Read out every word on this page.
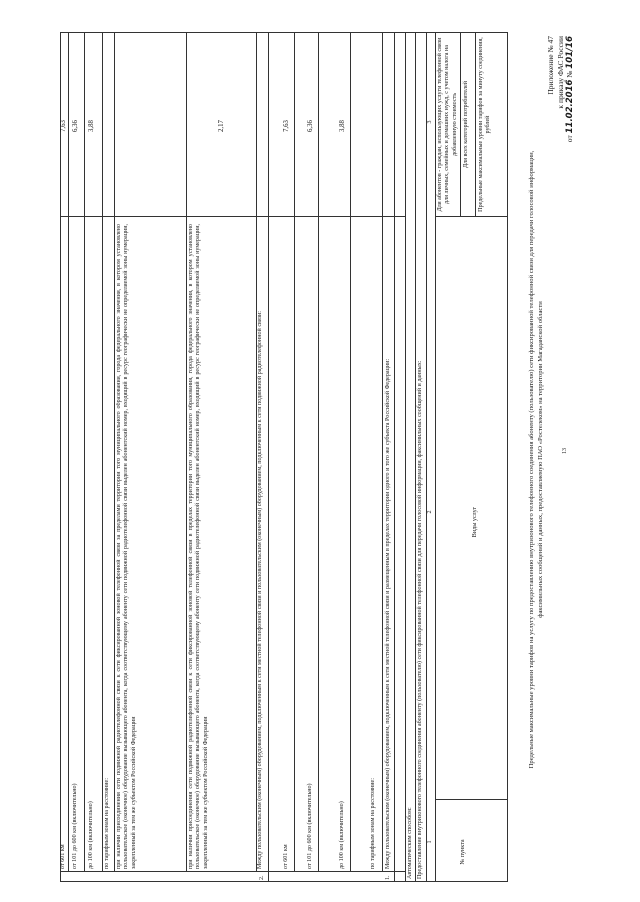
13
Приложение № 47 к приказу ФАС России
от 11.02.2016 № 101/16
Предельные максимальные уровни тарифов на услугу по предоставлению внутризонового телефонного соединения абоненту (пользователю) сети фиксированной телефонной связи для передачи голосовой информации, факсимильных сообщений и данных, предоставляемую ПАО «Ростелеком» на территории Магаданской области
№ пункта
Виды услуг
Предельные максимальные уровни тарифов за минуту соединения, рублей
Для всех категорий потребителей
Для абонентов - граждан, использующих услуги телефонной связи для личных, семейных и домашних нужд, с учетом налога на добавленную стоимость
1
2
3
Предоставление внутризонового телефонного соединения абоненту (пользователю) сети фиксированной телефонной связи для передачи голосовой информации, факсимильных сообщений и данных:
Автоматическим способом:
1.
Между пользовательским (оконечным) оборудованием, подключенным к сети местной телефонной связи и размещенным в пределах территории одного и того же субъекта Российской Федерации:
по тарифным зонам на расстояние:
до 100 км (включительно)
3,88
от 101 до 600 км (включительно)
6,36
от 601 км
7,63
2.
Между пользовательским (оконечным) оборудованием, подключенным к сети местной телефонной связи и пользовательским (оконечным) оборудованием, подключенным к сети подвижной радиотелефонной связи:
при наличии присоединения сети подвижной радиотелефонной связи к сети фиксированной зоновой телефонной связи в пределах территории того муниципального образования, города федерального значения, в котором установлено пользовательское (оконечное) оборудование вызывающего абонента, когда соответствующему абоненту сети подвижной радиотелефонной связи выделен абонентский номер, входящий в ресурс географически не определяемой зоны нумерации, закрепленный за тем же субъектом Российской Федерации
2,17
при наличии присоединения сети подвижной радиотелефонной связи к сети фиксированной зоновой телефонной связи за пределами территории того муниципального образования, города федерального значения, в котором установлено пользовательское (оконечное) оборудование вызывающего абонента, когда соответствующему абоненту сети подвижной радиотелефонной связи выделен абонентский номер, входящий в ресурс географически не определяемой зоны нумерации, закрепленный за тем же субъектом Российской Федерации
по тарифным зонам на расстояние:
до 100 км (включительно)
3,88
от 101 до 600 км (включительно)
6,36
от 601 км
7,63
